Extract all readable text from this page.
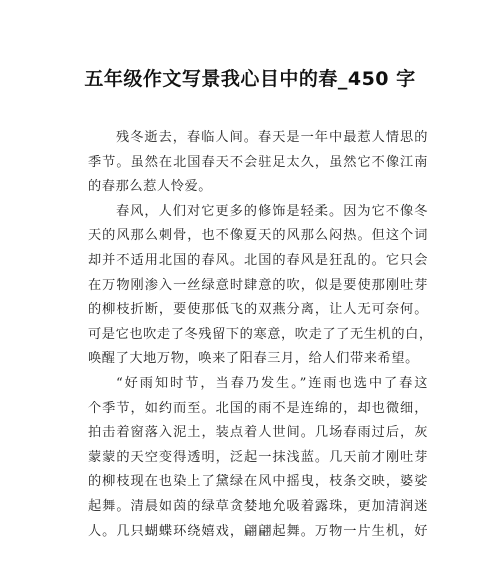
五年级作文写景我心目中的春_450 字
残冬逝去，春临人间。春天是一年中最惹人情思的
季节。虽然在北国春天不会驻足太久，虽然它不像江南
的春那么惹人怜爱。
春风，人们对它更多的修饰是轻柔。因为它不像冬
天的风那么刺骨，也不像夏天的风那么闷热。但这个词
却并不适用北国的春风。北国的春风是狂乱的。它只会
在万物刚渗入一丝绿意时肆意的吹，似是要使那刚吐芽
的柳枝折断，要使那低飞的双燕分离，让人无可奈何。
可是它也吹走了冬残留下的寒意，吹走了了无生机的白，
唤醒了大地万物，唤来了阳春三月，给人们带来希望。
“好雨知时节，当春乃发生。”连雨也选中了春这
个季节，如约而至。北国的雨不是连绵的，却也微细，
拍击着窗落入泥土，装点着人世间。几场春雨过后，灰
蒙蒙的天空变得透明，泛起一抹浅蓝。几天前才刚吐芽
的柳枝现在也染上了黛绿在风中摇曳，枝条交映，婆娑
起舞。清晨如茵的绿草贪婪地允吸着露珠，更加清润迷
人。几只蝴蝶环绕嬉戏，翩翩起舞。万物一片生机，好
